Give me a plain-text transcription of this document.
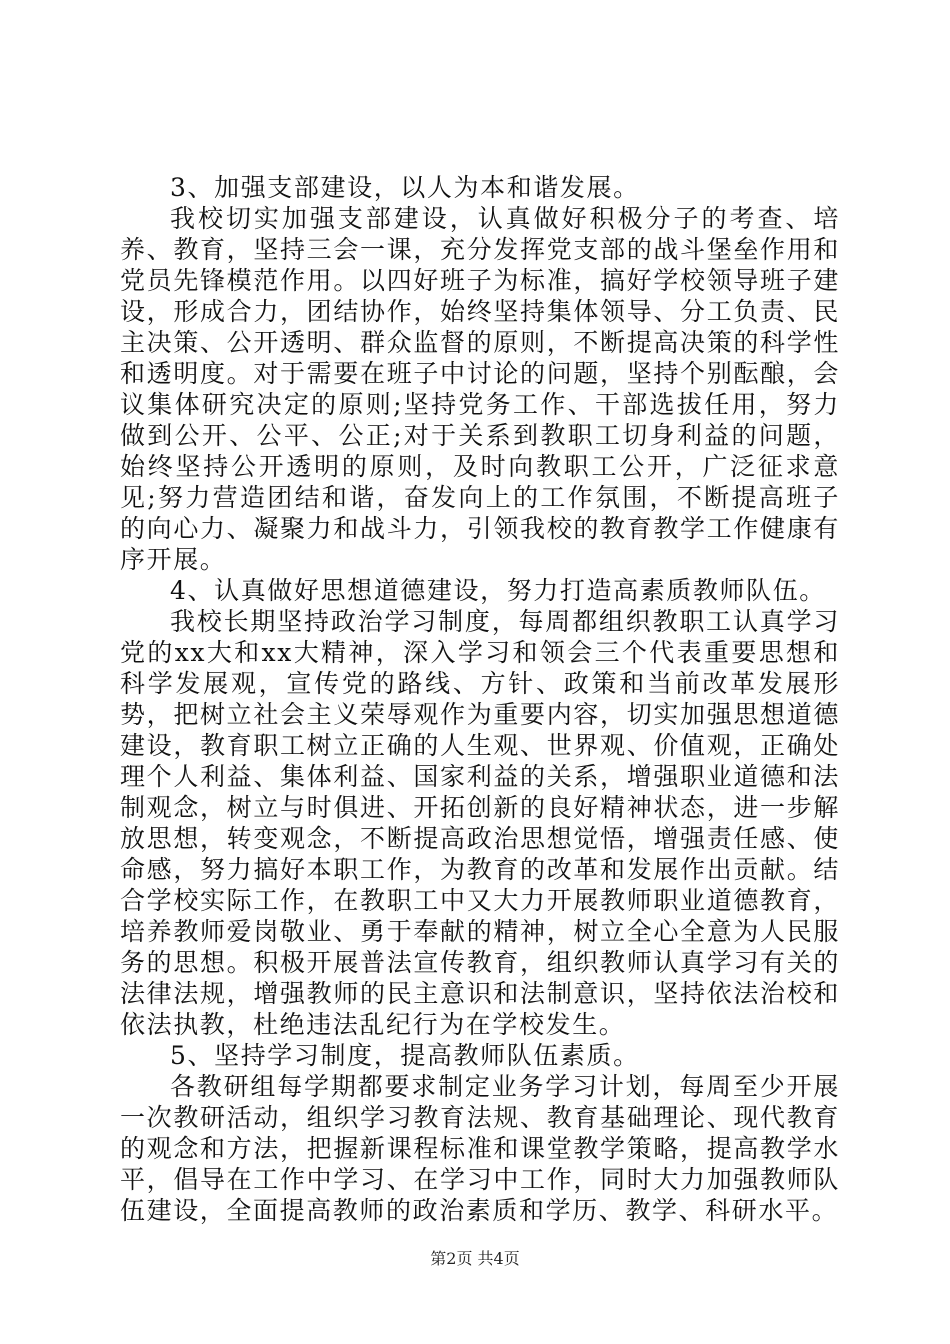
3、加强支部建设，以人为本和谐发展。

我校切实加强支部建设，认真做好积极分子的考查、培养、教育，坚持三会一课，充分发挥党支部的战斗堡垒作用和党员先锋模范作用。以四好班子为标准，搞好学校领导班子建设，形成合力，团结协作，始终坚持集体领导、分工负责、民主决策、公开透明、群众监督的原则，不断提高决策的科学性和透明度。对于需要在班子中讨论的问题，坚持个别酝酿，会议集体研究决定的原则;坚持党务工作、干部选拔任用，努力做到公开、公平、公正;对于关系到教职工切身利益的问题，始终坚持公开透明的原则，及时向教职工公开，广泛征求意见;努力营造团结和谐，奋发向上的工作氛围，不断提高班子的向心力、凝聚力和战斗力，引领我校的教育教学工作健康有序开展。

4、认真做好思想道德建设，努力打造高素质教师队伍。

我校长期坚持政治学习制度，每周都组织教职工认真学习党的xx大和xx大精神，深入学习和领会三个代表重要思想和科学发展观，宣传党的路线、方针、政策和当前改革发展形势，把树立社会主义荣辱观作为重要内容，切实加强思想道德建设，教育职工树立正确的人生观、世界观、价值观，正确处理个人利益、集体利益、国家利益的关系，增强职业道德和法制观念，树立与时俱进、开拓创新的良好精神状态，进一步解放思想，转变观念，不断提高政治思想觉悟，增强责任感、使命感，努力搞好本职工作，为教育的改革和发展作出贡献。结合学校实际工作，在教职工中又大力开展教师职业道德教育，培养教师爱岗敬业、勇于奉献的精神，树立全心全意为人民服务的思想。积极开展普法宣传教育，组织教师认真学习有关的法律法规，增强教师的民主意识和法制意识，坚持依法治校和依法执教，杜绝违法乱纪行为在学校发生。

5、坚持学习制度，提高教师队伍素质。

各教研组每学期都要求制定业务学习计划，每周至少开展一次教研活动，组织学习教育法规、教育基础理论、现代教育的观念和方法，把握新课程标准和课堂教学策略，提高教学水平，倡导在工作中学习、在学习中工作，同时大力加强教师队伍建设，全面提高教师的政治素质和学历、教学、科研水平。

第2页 共4页
